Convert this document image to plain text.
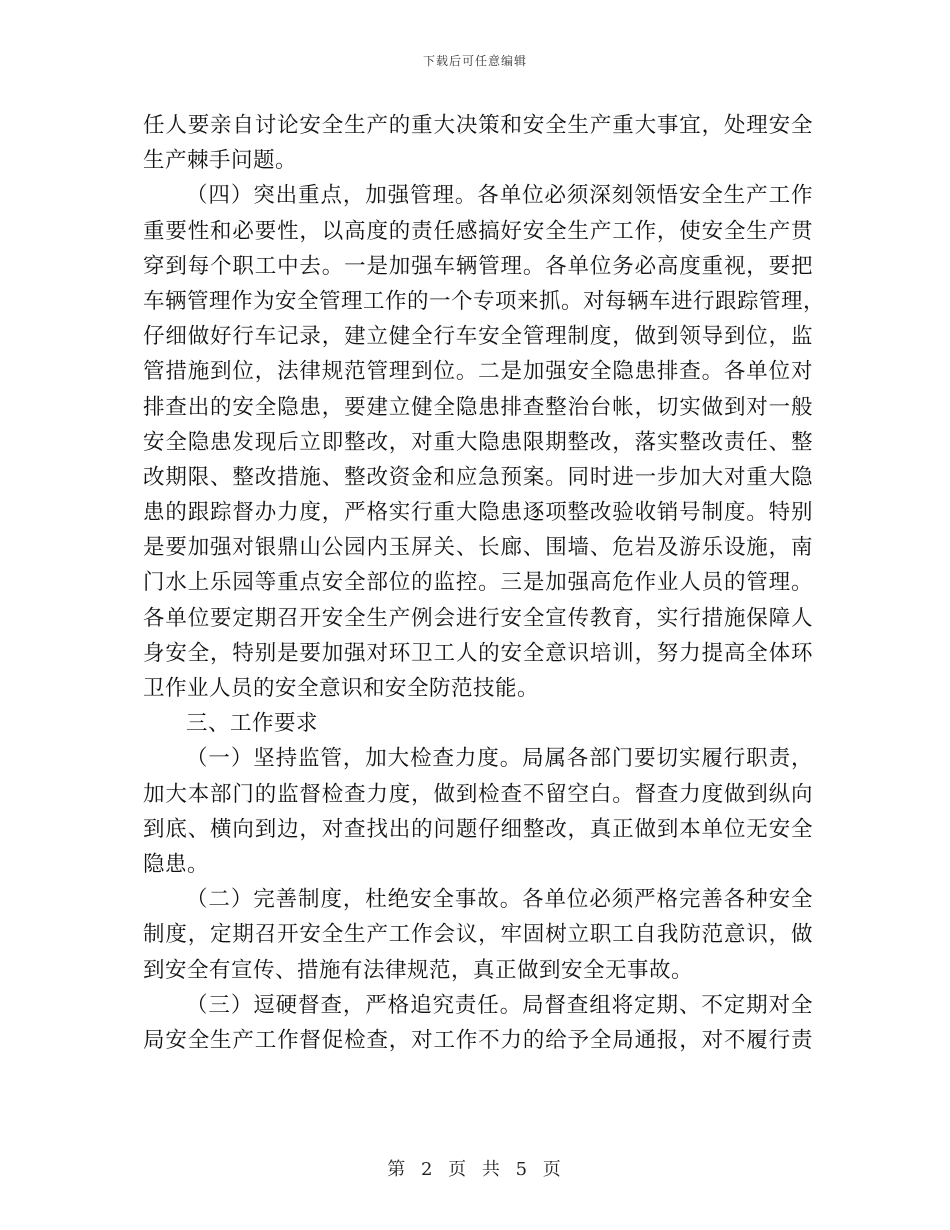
下载后可任意编辑
任人要亲自讨论安全生产的重大决策和安全生产重大事宜，处理安全
生产棘手问题。
（四）突出重点，加强管理。各单位必须深刻领悟安全生产工作
重要性和必要性，以高度的责任感搞好安全生产工作，使安全生产贯
穿到每个职工中去。一是加强车辆管理。各单位务必高度重视，要把
车辆管理作为安全管理工作的一个专项来抓。对每辆车进行跟踪管理，
仔细做好行车记录，建立健全行车安全管理制度，做到领导到位，监
管措施到位，法律规范管理到位。二是加强安全隐患排查。各单位对
排查出的安全隐患，要建立健全隐患排查整治台帐，切实做到对一般
安全隐患发现后立即整改，对重大隐患限期整改，落实整改责任、整
改期限、整改措施、整改资金和应急预案。同时进一步加大对重大隐
患的跟踪督办力度，严格实行重大隐患逐项整改验收销号制度。特别
是要加强对银鼎山公园内玉屏关、长廊、围墙、危岩及游乐设施，南
门水上乐园等重点安全部位的监控。三是加强高危作业人员的管理。
各单位要定期召开安全生产例会进行安全宣传教育，实行措施保障人
身安全，特别是要加强对环卫工人的安全意识培训，努力提高全体环
卫作业人员的安全意识和安全防范技能。
三、工作要求
（一）坚持监管，加大检查力度。局属各部门要切实履行职责，
加大本部门的监督检查力度，做到检查不留空白。督查力度做到纵向
到底、横向到边，对查找出的问题仔细整改，真正做到本单位无安全
隐患。
（二）完善制度，杜绝安全事故。各单位必须严格完善各种安全
制度，定期召开安全生产工作会议，牢固树立职工自我防范意识，做
到安全有宣传、措施有法律规范，真正做到安全无事故。
（三）逗硬督查，严格追究责任。局督查组将定期、不定期对全
局安全生产工作督促检查，对工作不力的给予全局通报，对不履行责
第 2 页 共 5 页
